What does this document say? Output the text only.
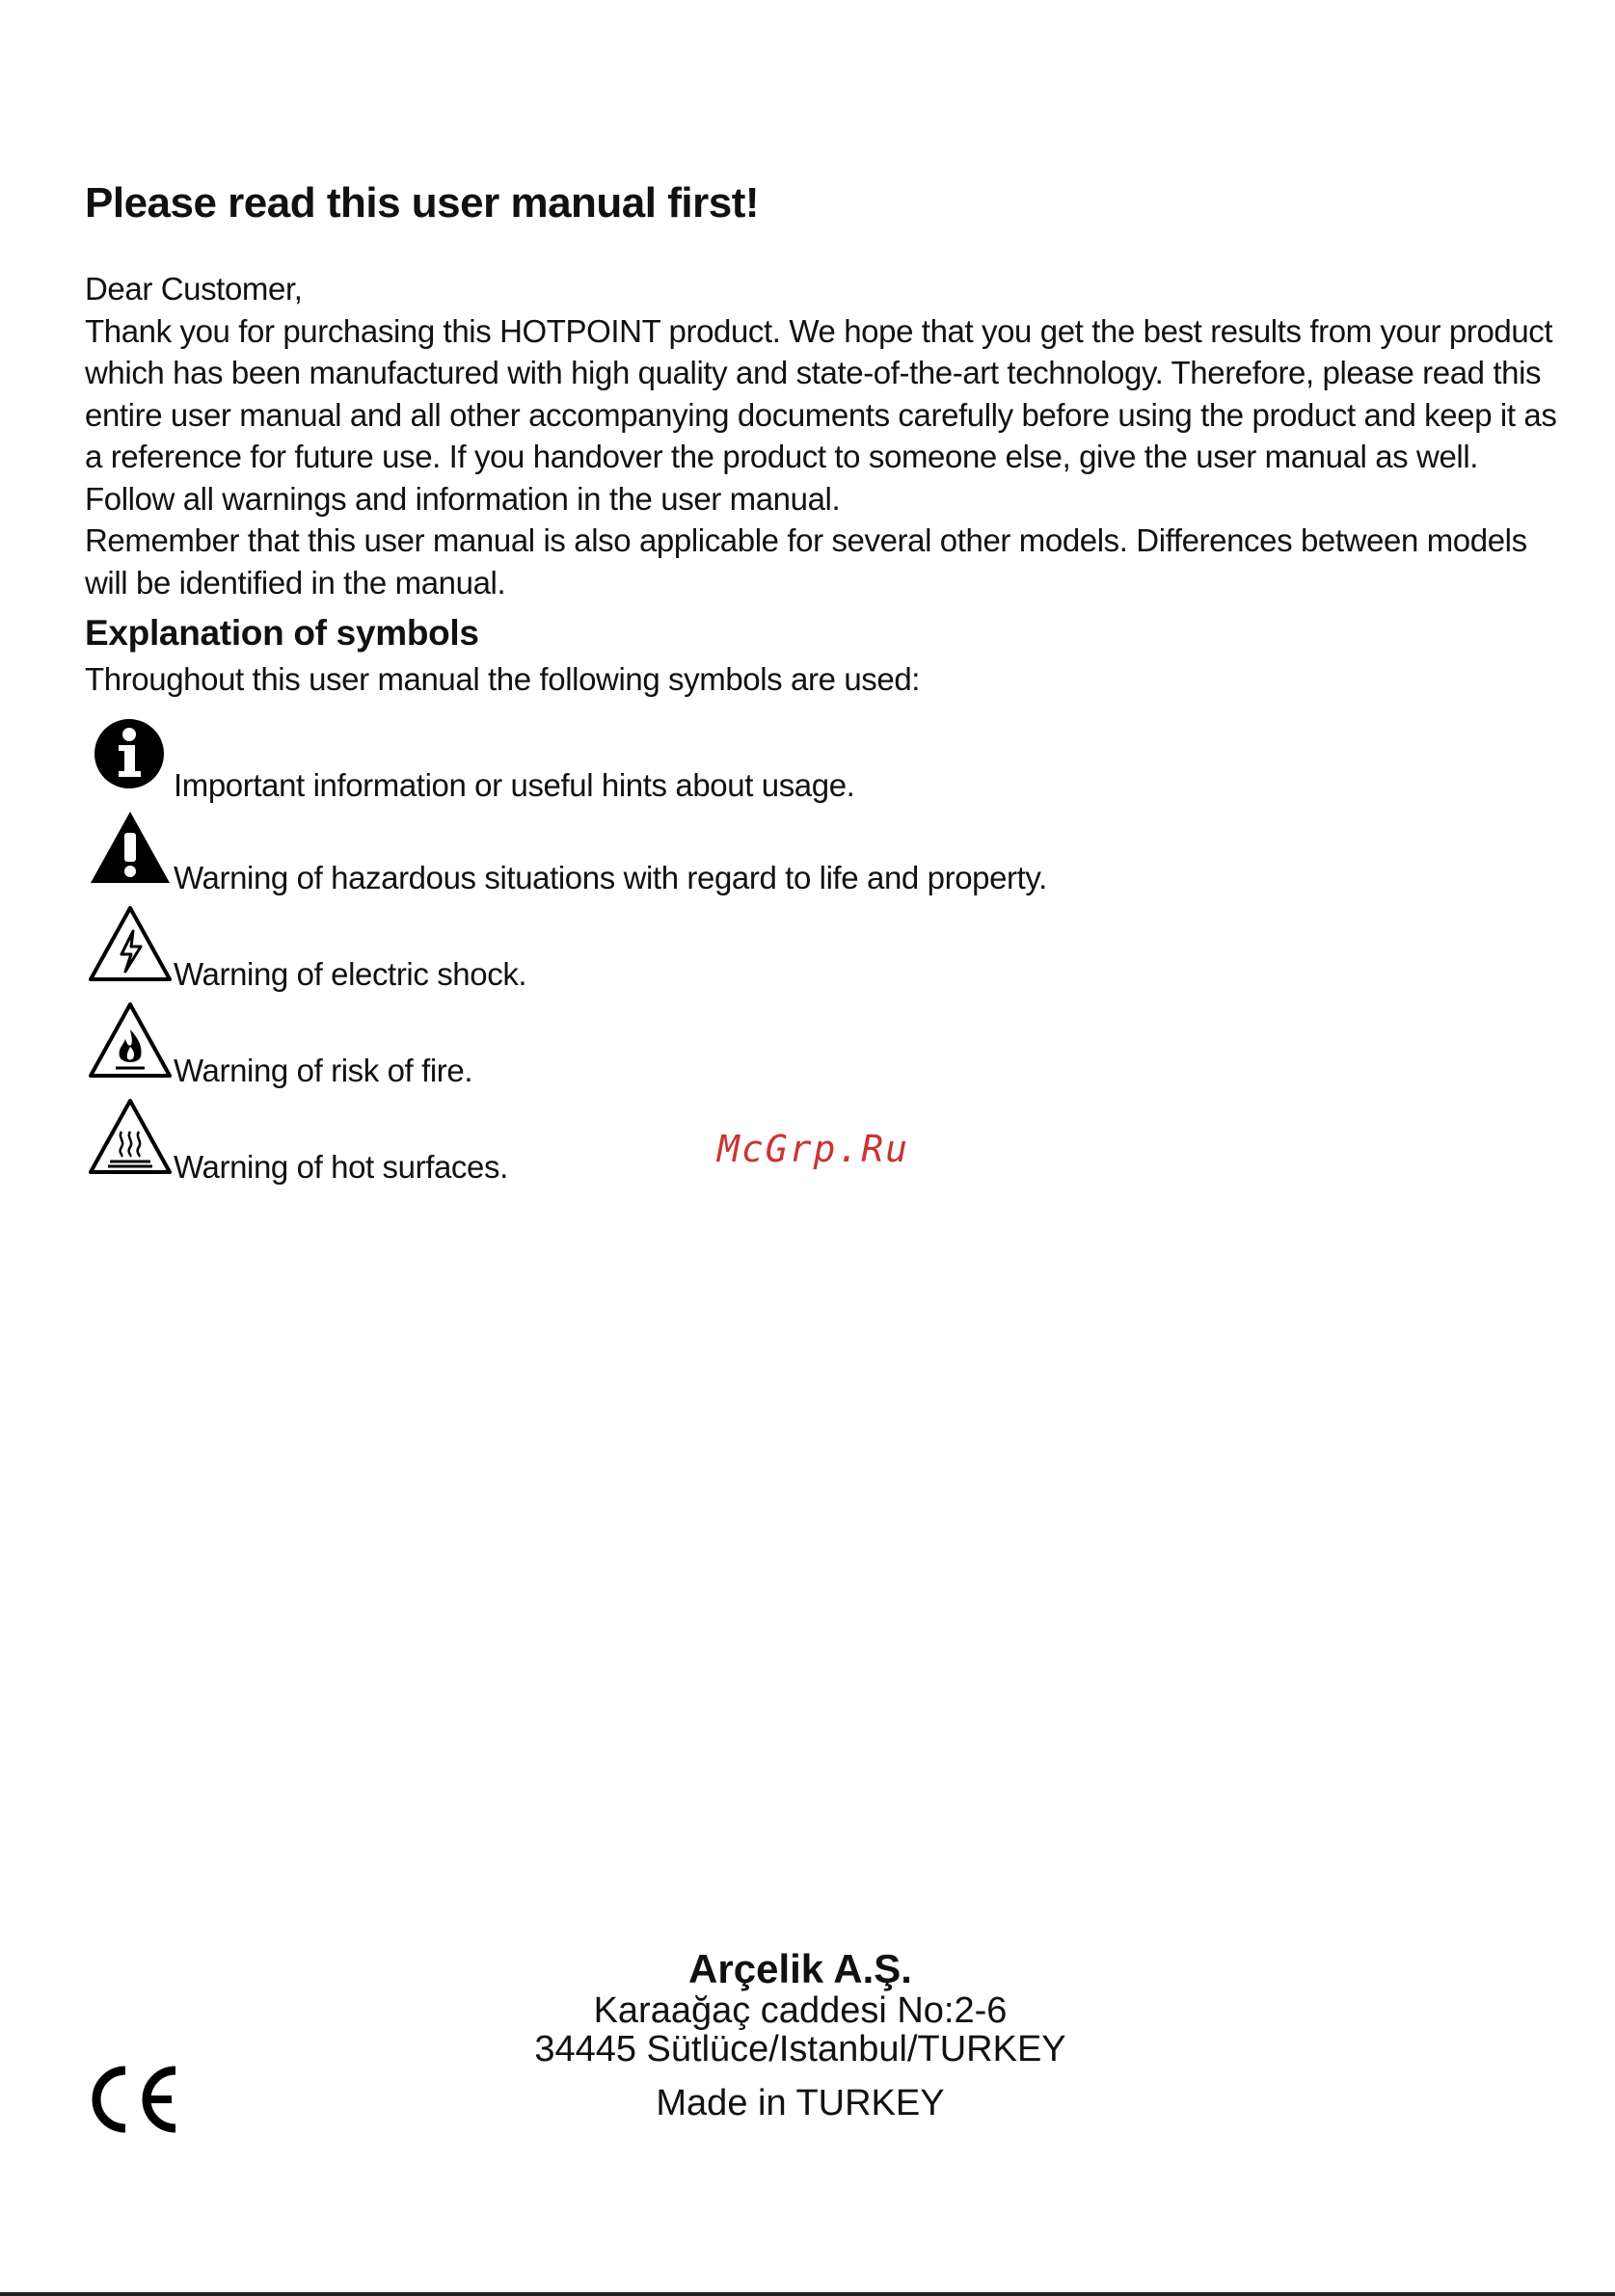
Please read this user manual first!

Dear Customer,

Thank you for purchasing this HOTPOINT product. We hope that you get the best results from your product which has been manufactured with high quality and state-of-the-art technology. Therefore, please read this entire user manual and all other accompanying documents carefully before using the product and keep it as a reference for future use. If you handover the product to someone else, give the user manual as well. Follow all warnings and information in the user manual.

Remember that this user manual is also applicable for several other models. Differences between models will be identified in the manual.

Explanation of symbols
Throughout this user manual the following symbols are used:
Important information or useful hints about usage.
Warning of hazardous situations with regard to life and property.
Warning of electric shock.
Warning of risk of fire.
Warning of hot surfaces.	McGrp.Ru
Arçelik A.Ş.
Karaağaç caddesi No:2-6
34445 Sütlüce/Istanbul/TURKEY
Made in TURKEY
